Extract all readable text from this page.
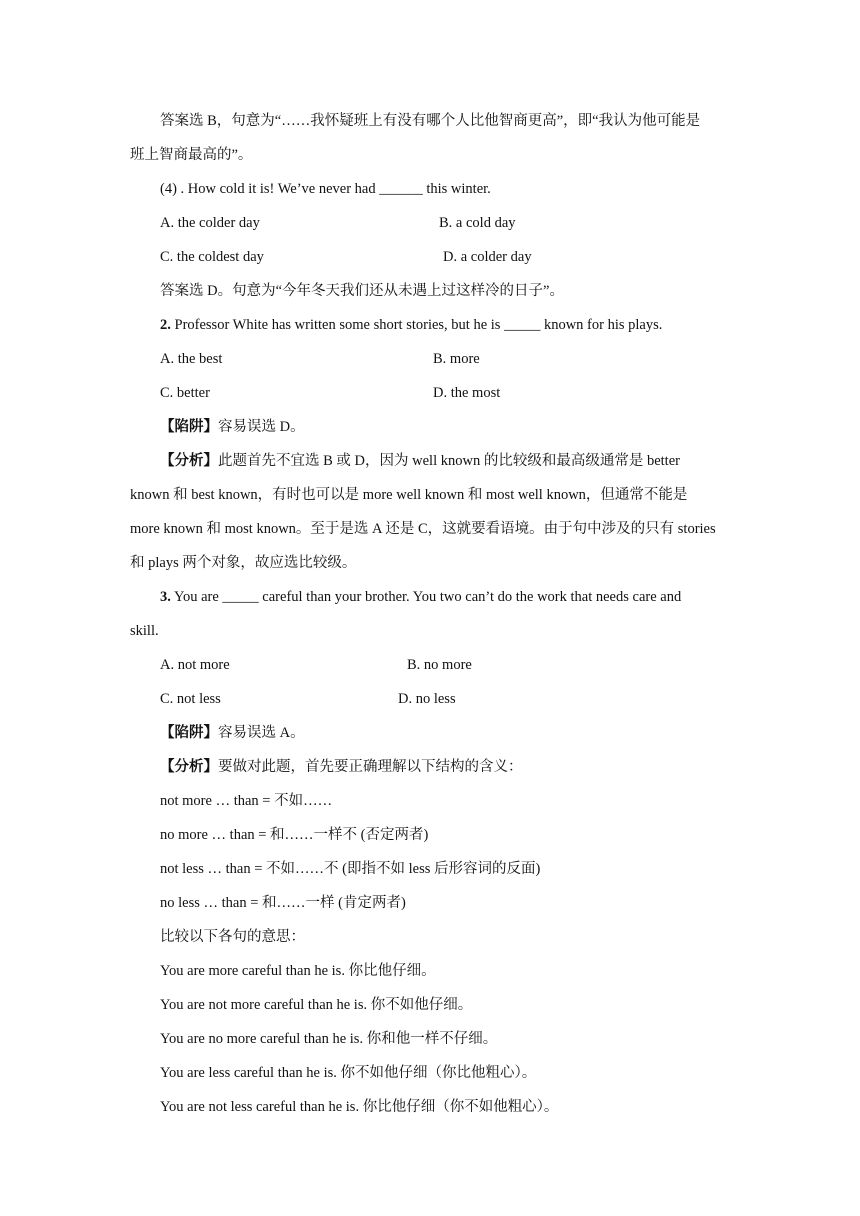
答案选 B，句意为“……我怀疑班上有没有哪个人比他智商更高”，即“我认为他可能是
班上智商最高的”。
(4) . How cold it is! We’ve never had ______ this winter.
A. the colder day	B. a cold day
C. the coldest day	D. a colder day
答案选 D。句意为“今年冬天我们还从未遇上过这样冷的日子”。
2. Professor White has written some short stories, but he is _____ known for his plays.
A. the best	B. more
C. better	D. the most
【陷阱】容易误选 D。
【分析】此题首先不宜选 B 或 D，因为 well known 的比较级和最高级通常是 better
known 和 best known，有时也可以是 more well known 和 most well known，但通常不能是
more known 和 most known。至于是选 A 还是 C，这就要看语境。由于句中涉及的只有 stories
和 plays 两个对象，故应选比较级。
3. You are _____ careful than your brother. You two can’t do the work that needs care and
skill.
A. not more	B. no more
C. not less	D. no less
【陷阱】容易误选 A。
【分析】要做对此题，首先要正确理解以下结构的含义：
not more … than = 不如……
no more … than = 和……一样不 (否定两者)
not less … than = 不如……不 (即指不如 less 后形容词的反面)
no less … than = 和……一样 (肯定两者)
比较以下各句的意思：
You are more careful than he is. 你比他仔细。
You are not more careful than he is. 你不如他仔细。
You are no more careful than he is. 你和他一样不仔细。
You are less careful than he is. 你不如他仔细（你比他粗心）。
You are not less careful than he is. 你比他仔细（你不如他粗心）。
